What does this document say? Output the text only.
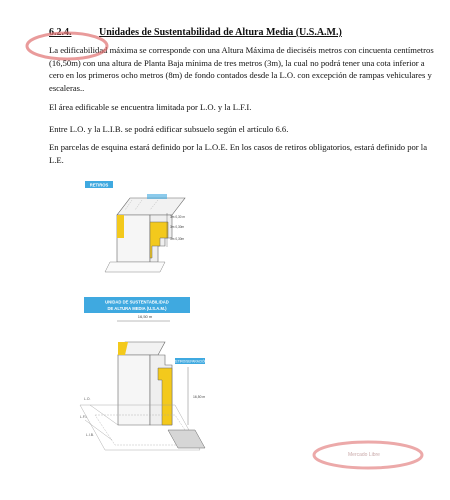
6.2.4.	Unidades de Sustentabilidad de Altura Media (U.S.A.M.)
La edificabilidad máxima se corresponde con una Altura Máxima de dieciséis metros con cincuenta centímetros (16,50m) con una altura de Planta Baja mínima de tres metros (3m), la cual no podrá tener una cota inferior a cero en los primeros ocho metros (8m) de fondo contados desde la L.O. con excepción de rampas vehiculares y escaleras..
El área edificable se encuentra limitada por L.O. y la L.F.I.
Entre L.O. y la L.I.B. se podrá edificar subsuelo según el artículo 6.6.
En parcelas de esquina estará definido por la L.O.E. En los casos de retiros obligatorios, estará definido por la L.E.
RETIROS
3m 0,30 m
3m 0,30m
3m 0,30m
UNIDAD DE SUSTENTABILIDAD
DE ALTURA MEDIA (U.S.A.M.)
16,50 m
RETIRO/SEPARACIÓN
16,50 m
L.O.
L.F.I.
L.I.B.
Mercado Libre
